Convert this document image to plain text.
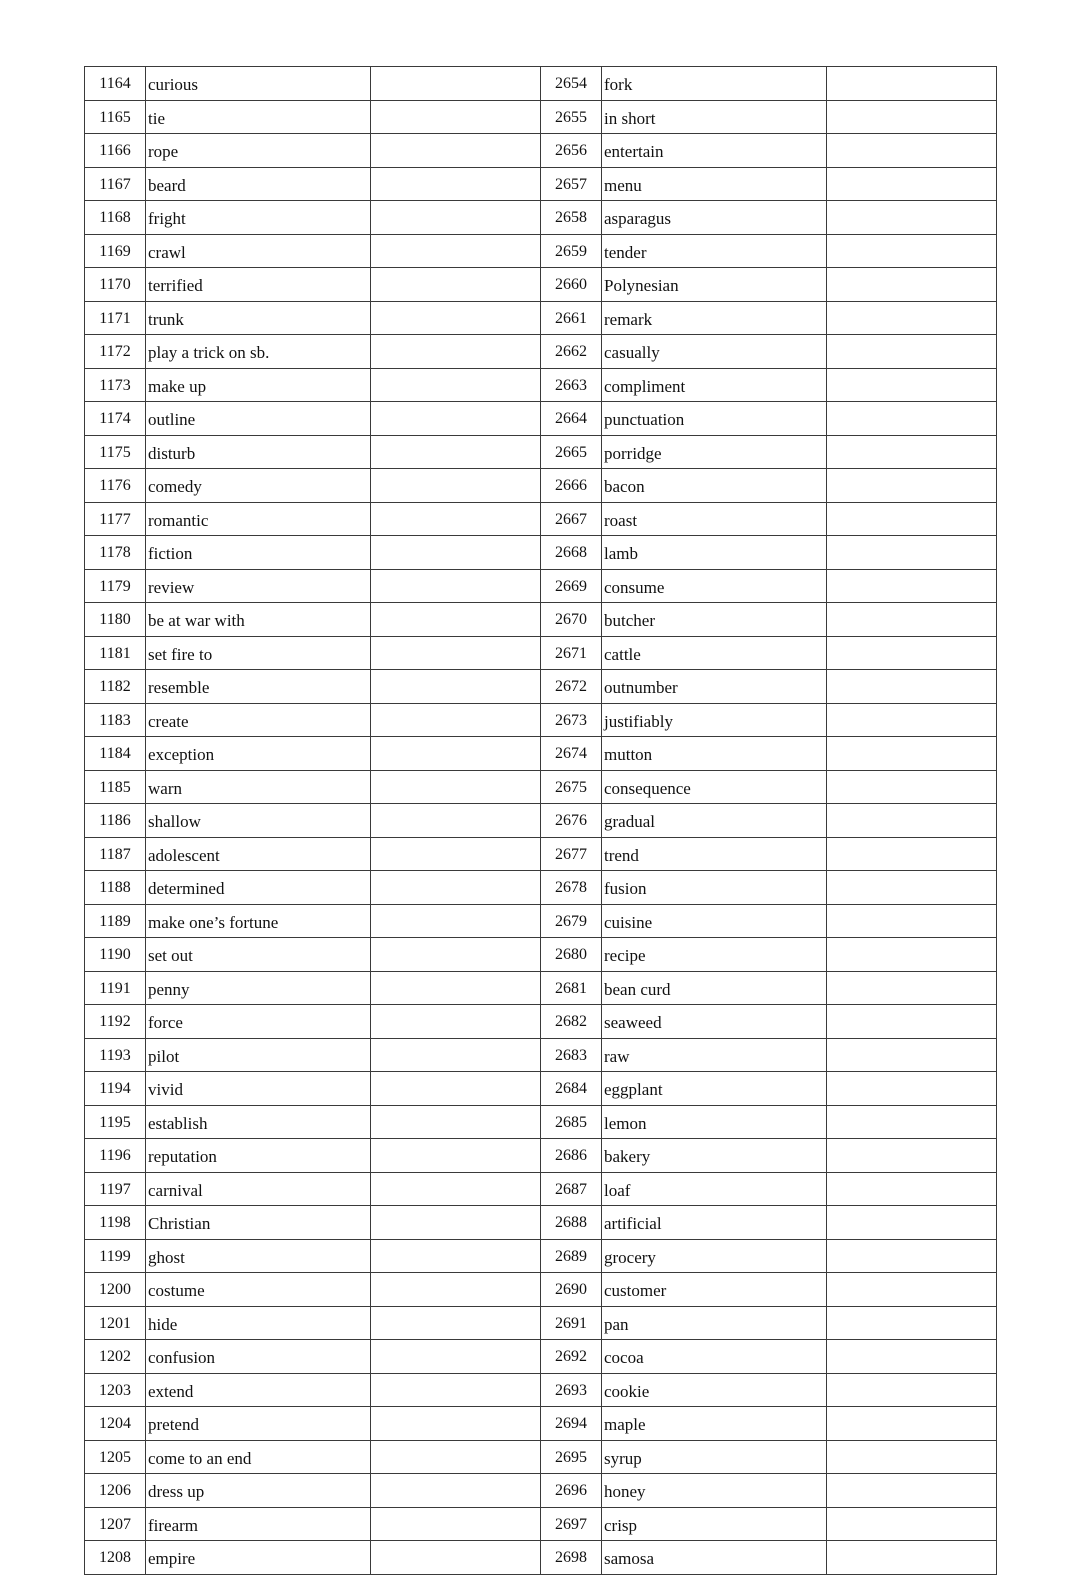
1164	curious		2654	fork	
1165	tie		2655	in short	
1166	rope		2656	entertain	
1167	beard		2657	menu	
1168	fright		2658	asparagus	
1169	crawl		2659	tender	
1170	terrified		2660	Polynesian	
1171	trunk		2661	remark	
1172	play a trick on sb.		2662	casually	
1173	make up		2663	compliment	
1174	outline		2664	punctuation	
1175	disturb		2665	porridge	
1176	comedy		2666	bacon	
1177	romantic		2667	roast	
1178	fiction		2668	lamb	
1179	review		2669	consume	
1180	be at war with		2670	butcher	
1181	set fire to		2671	cattle	
1182	resemble		2672	outnumber	
1183	create		2673	justifiably	
1184	exception		2674	mutton	
1185	warn		2675	consequence	
1186	shallow		2676	gradual	
1187	adolescent		2677	trend	
1188	determined		2678	fusion	
1189	make one’s fortune		2679	cuisine	
1190	set out		2680	recipe	
1191	penny		2681	bean curd	
1192	force		2682	seaweed	
1193	pilot		2683	raw	
1194	vivid		2684	eggplant	
1195	establish		2685	lemon	
1196	reputation		2686	bakery	
1197	carnival		2687	loaf	
1198	Christian		2688	artificial	
1199	ghost		2689	grocery	
1200	costume		2690	customer	
1201	hide		2691	pan	
1202	confusion		2692	cocoa	
1203	extend		2693	cookie	
1204	pretend		2694	maple	
1205	come to an end		2695	syrup	
1206	dress up		2696	honey	
1207	firearm		2697	crisp	
1208	empire		2698	samosa	
